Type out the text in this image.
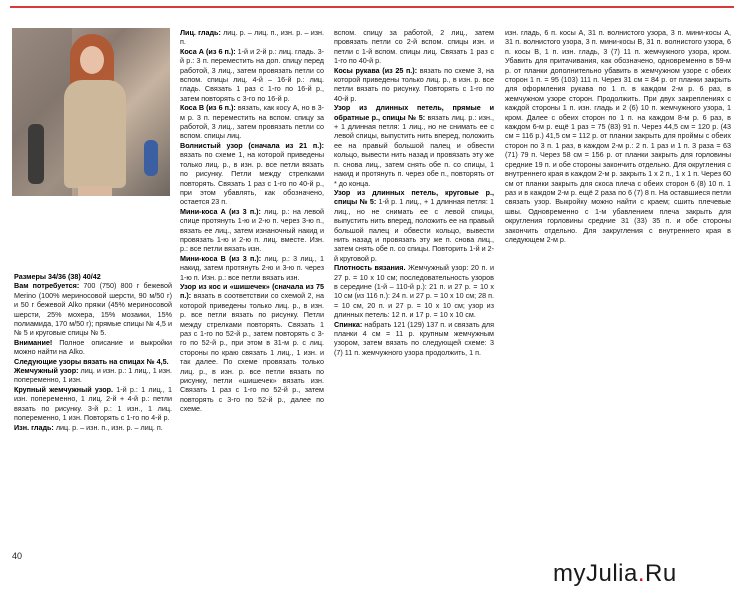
Размеры 34/36 (38) 40/42

Вам потребуется: 700 (750) 800 г бежевой Merino (100% мериносовой шерсти, 90 м/50 г) и 50 г бежевой Alko пряжи (45% мериносовой шерсти, 25% мохера, 15% мозаики, 15% полиамида, 170 м/50 г); прямые спицы № 4,5 и № 5 и круговые спицы № 5.

Внимание! Полное описание и выкройки можно найти на Alko.

Следующие узоры вязать на спицах № 4,5.

Жемчужный узор: лиц. и изн. р.: 1 лиц., 1 изн. попеременно, 1 изн.

Крупный жемчужный узор. 1-й р.: 1 лиц., 1 изн. попеременно, 1 лиц. 2-й + 4-й р.: петли вязать по рисунку. 3-й р.: 1 изн., 1 лиц. попеременно, 1 изн. Повторять с 1-го по 4-й р.

Изн. гладь: лиц. р. – изн. п., изн. р. – лиц. п.

Лиц. гладь: лиц. р. – лиц. п., изн. р. – изн. п.

Коса А (из 6 п.): 1-й и 2-й р.: лиц. гладь. 3-й р.: 3 п. переместить на доп. спицу перед работой, 3 лиц., затем провязать петли со вспом. спицы лиц. 4-й – 16-й р.: лиц. гладь. Связать 1 раз с 1-го по 16-й р., затем повторять с 3-го по 16-й р.

Коса В (из 6 п.): вязать, как косу А, но в 3-м р. 3 п. переместить на вспом. спицу за работой, 3 лиц., затем провязать петли со вспом. спицы лиц.

Волнистый узор (сначала из 21 п.): вязать по схеме 1, на которой приведены только лиц. р., в изн. р. все петли вязать по рисунку. Петли между стрелками повторять. Связать 1 раз с 1-го по 40-й р., при этом убавлять, как обозначено, остается 23 п.

Мини-коса А (из 3 п.): лиц. р.: на левой спице протянуть 1-ю и 2-ю п. через 3-ю п., вязать ее лиц., затем изнаночный накид и провязать 1-ю и 2-ю п. лиц. вместе. Изн. р.: все петли вязать изн.

Мини-коса В (из 3 п.): лиц. р.: 3 лиц., 1 накид, затем протянуть 2-ю и 3-ю п. через 1-ю п. Изн. р.: все петли вязать изн.

Узор из кос и «шишечек» (сначала из 75 п.): вязать в соответствии со схемой 2, на которой приведены только лиц. р., в изн. р. все петли вязать по рисунку. Петли между стрелками повторять. Связать 1 раз с 1-го по 52-й р., затем повторять с 3-го по 52-й р., при этом в 31-м р. с лиц. стороны по краю связать 1 лиц., 1 изн. и так далее. По схеме провязать только лиц. р., в изн. р. все петли вязать по рисунку, петли «шишечек» вязать изн. Связать 1 раз с 1-го по 52-й р., затем повторять с 3-го по 52-й р., далее по схеме.

вспом. спицу за работой, 2 лиц., затем провязать петли со 2-й вспом. спицы изн. и петли с 1-й вспом. спицы лиц. Связать 1 раз с 1-го по 40-й р.

Косы рукава (из 25 п.): вязать по схеме 3, на которой приведены только лиц. р., в изн. р. все петли вязать по рисунку. Повторять с 1-го по 40-й р.

Узор из длинных петель, прямые и обратные р., спицы № 5: вязать лиц. р.: изн., + 1 длинная петля: 1 лиц., но не снимать ее с левой спицы, выпустить нить вперед, положить ее на правый большой палец и обвести кольцо, вывести нить назад и провязать эту же п. снова лиц., затем снять обе п. со спицы, 1 накид и протянуть п. через обе п., повторять от * до конца.

Узор из длинных петель, круговые р., спицы № 5: 1-й р. 1 лиц., + 1 длинная петля: 1 лиц., но не снимать ее с левой спицы, выпустить нить вперед, положить ее на правый большой палец и обвести кольцо, вывести нить назад и провязать эту же п. снова лиц., затем снять обе п. со спицы. Повторить 1-й и 2-й круговой р.

Плотность вязания. Жемчужный узор: 20 п. и 27 р. = 10 х 10 см; последовательность узоров в середине (1-й – 110-й р.): 21 п. и 27 р. = 10 х 10 см (из 116 п.): 24 п. и 27 р. = 10 х 10 см; 28 п. = 10 см, 20 п. и 27 р. = 10 х 10 см; узор из длинных петель: 12 п. и 17 р. = 10 х 10 см.

Спинка: набрать 121 (129) 137 п. и связать для планки 4 см = 11 р. крупным жемчужным узором, затем вязать по следующей схеме: 3 (7) 11 п. жемчужного узора продолжить, 1 п.

изн. гладь, 6 п. косы А, 31 п. волнистого узора, 3 п. мини-косы А, 31 п. волнистого узора, 3 п. мини-косы В, 31 п. волнистого узора, 6 п. косы В, 1 п. изн. гладь, 3 (7) 11 п. жемчужного узора, кром. Убавить для притачивания, как обозначено, одновременно в 59-м р. от планки дополнительно убавить в жемчужном узоре с обеих сторон 1 п. = 95 (103) 111 п. Через 31 см = 84 р. от планки закрыть для оформления рукава по 1 п. в каждом 2-м р. 6 раз, в жемчужном узоре сторон. Продолжить. При двух закреплениях с каждой стороны 1 п. изн. гладь и 2 (6) 10 п. жемчужного узора, 1 кром. Далее с обеих сторон по 1 п. на каждом 8-м р. 6 раз, в каждом 6-м р. ещё 1 раз = 75 (83) 91 п. Через 44,5 см = 120 р. (43 см = 116 р.) 41,5 см = 112 р. от планки закрыть для проймы с обеих сторон по 3 п. 1 раз, в каждом 2-м р.: 2 п. 1 раз и 1 п. 3 раза = 63 (71) 79 п. Через 58 см = 156 р. от планки закрыть для горловины средние 19 п. и обе стороны закончить отдельно. Для округления с внутреннего края в каждом 2-м р. закрыть 1 х 2 п., 1 х 1 п. Через 60 см от планки закрыть для скоса плеча с обеих сторон 6 (8) 10 п. 1 раз и в каждом 2-м р. ещё 2 раза по 6 (7) 8 п. На оставшиеся петли связать узор. Выкройку можно найти с краем; сшить плечевые швы. Одновременно с 1-м убавлением плеча закрыть для округления горловины средние 31 (33) 35 п. и обе стороны закончить отдельно. Для закругления с внутреннего края в следующем 2-м р.

40
myJulia.Ru
